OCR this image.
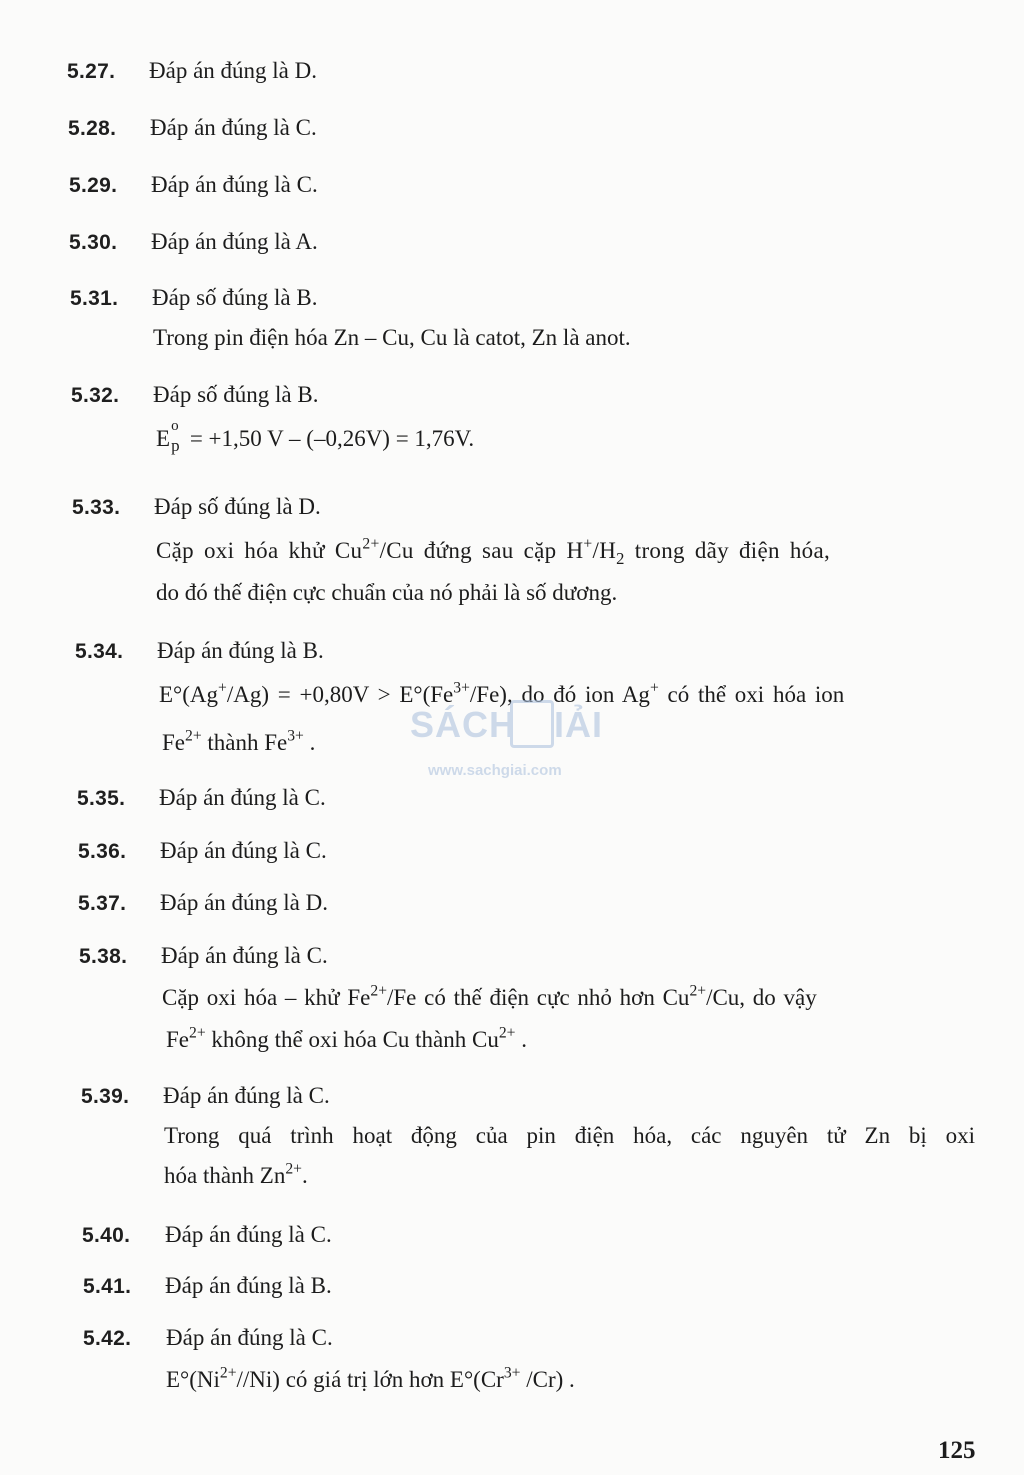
5.27. Đáp án đúng là D.
5.28. Đáp án đúng là C.
5.29. Đáp án đúng là C.
5.30. Đáp án đúng là A.
5.31. Đáp số đúng là B.
Trong pin điện hóa Zn – Cu, Cu là catot, Zn là anot.
5.32. Đáp số đúng là B.
E o
p = +1,50 V – (–0,26V) = 1,76V.
5.33. Đáp số đúng là D.
Cặp oxi hóa khử $Cu^{2+}/Cu$ đứng sau cặp $H^+/H_2$ trong dãy điện hóa,
do đó thế điện cực chuẩn của nó phải là số dương.
5.34. Đáp án đúng là B.
$E^\circ(Ag^+/Ag) = +0,80V > E^\circ(Fe^{3+}/Fe)$, do đó ion Ag+ có thể oxi hóa ion
$Fe^{2+}$ thành $Fe^{3+}$ .
5.35. Đáp án đúng là C.
5.36. Đáp án đúng là C.
5.37. Đáp án đúng là D.
5.38. Đáp án đúng là C.
Cặp oxi hóa – khử $Fe^{2+}/Fe$ có thế điện cực nhỏ hơn $Cu^{2+}/Cu$, do vậy
$Fe^{2+}$ không thể oxi hóa Cu thành $Cu^{2+}$ .
5.39. Đáp án đúng là C.
Trong quá trình hoạt động của pin điện hóa, các nguyên tử Zn bị oxi
hóa thành $Zn^{2+}$.
5.40. Đáp án đúng là C.
5.41. Đáp án đúng là B.
5.42. Đáp án đúng là C.
$E^\circ(Ni^{2+}//Ni)$ có giá trị lớn hơn $E^\circ(Cr^{3+}$ /Cr) .
SÁCH IẢI
www.sachgiai.com
125
